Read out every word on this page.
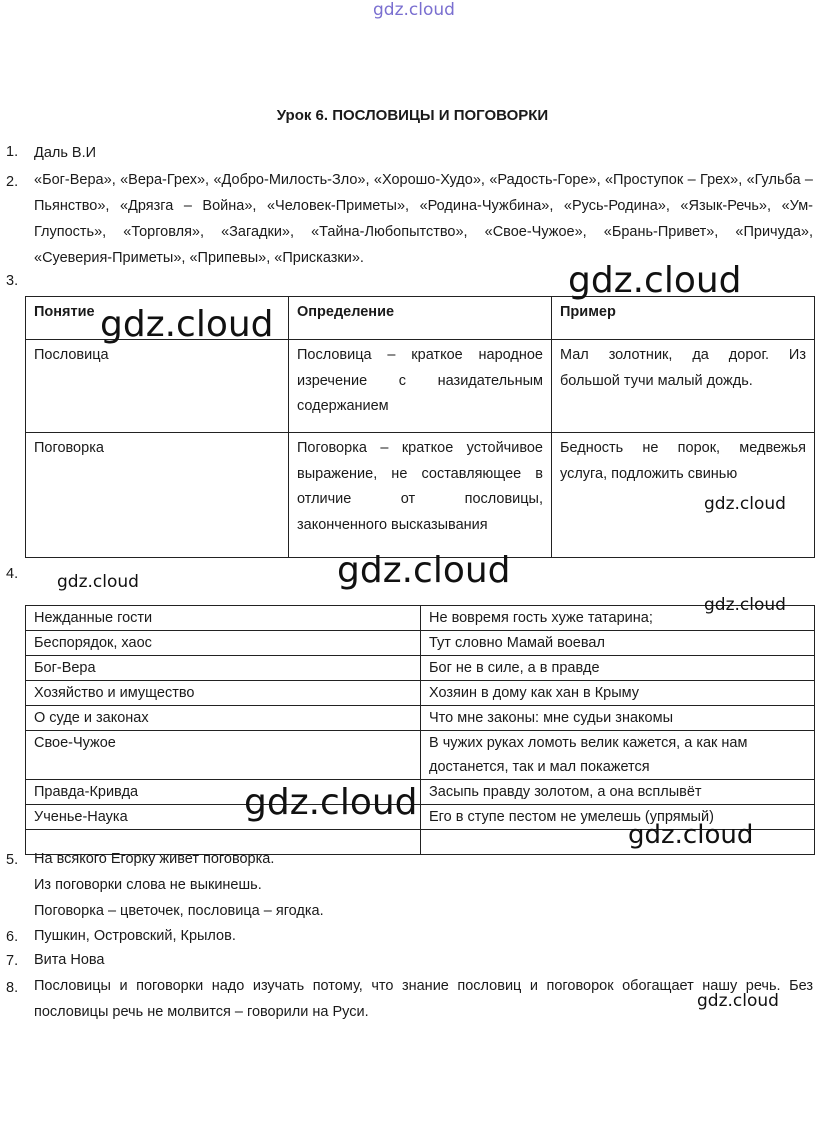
gdz.cloud
Урок 6. ПОСЛОВИЦЫ И ПОГОВОРКИ
1. Даль В.И
2. «Бог-Вера», «Вера-Грех», «Добро-Милость-Зло», «Хорошо-Худо», «Радость-Горе», «Проступок – Грех», «Гульба – Пьянство», «Дрязга – Война», «Человек-Приметы», «Родина-Чужбина», «Русь-Родина», «Язык-Речь», «Ум-Глупость», «Торговля», «Загадки», «Тайна-Любопытство», «Свое-Чужое», «Брань-Привет», «Причуда», «Суеверия-Приметы», «Припевы», «Присказки».
3.
Понятие	Определение	Пример
Пословица	Пословица – краткое народное изречение с назидательным содержанием	Мал золотник, да дорог. Из большой тучи малый дождь.
Поговорка	Поговорка – краткое устойчивое выражение, не составляющее в отличие от пословицы, законченного высказывания	Бедность не порок, медвежья услуга, подложить свинью
4.
Нежданные гости	Не вовремя гость хуже татарина;
Беспорядок, хаос	Тут словно Мамай воевал
Бог-Вера	Бог не в силе, а в правде
Хозяйство и имущество	Хозяин в дому как хан в Крыму
О суде и законах	Что мне законы: мне судьи знакомы
Свое-Чужое	В чужих руках ломоть велик кажется, а как нам достанется, так и мал покажется
Правда-Кривда	Засыпь правду золотом, а она всплывёт
Ученье-Наука	Его в ступе пестом не умелешь (упрямый)

5. На всякого Егорку живет поговорка.
Из поговорки слова не выкинешь.
Поговорка – цветочек, пословица – ягодка.
6. Пушкин, Островский, Крылов.
7. Вита Нова
8. Пословицы и поговорки надо изучать потому, что знание пословиц и поговорок обогащает нашу речь. Без пословицы речь не молвится – говорили на Руси.
gdz.cloud
gdz.cloud
gdz.cloud
gdz.cloud
gdz.cloud
gdz.cloud
gdz.cloud
gdz.cloud
gdz.cloud
